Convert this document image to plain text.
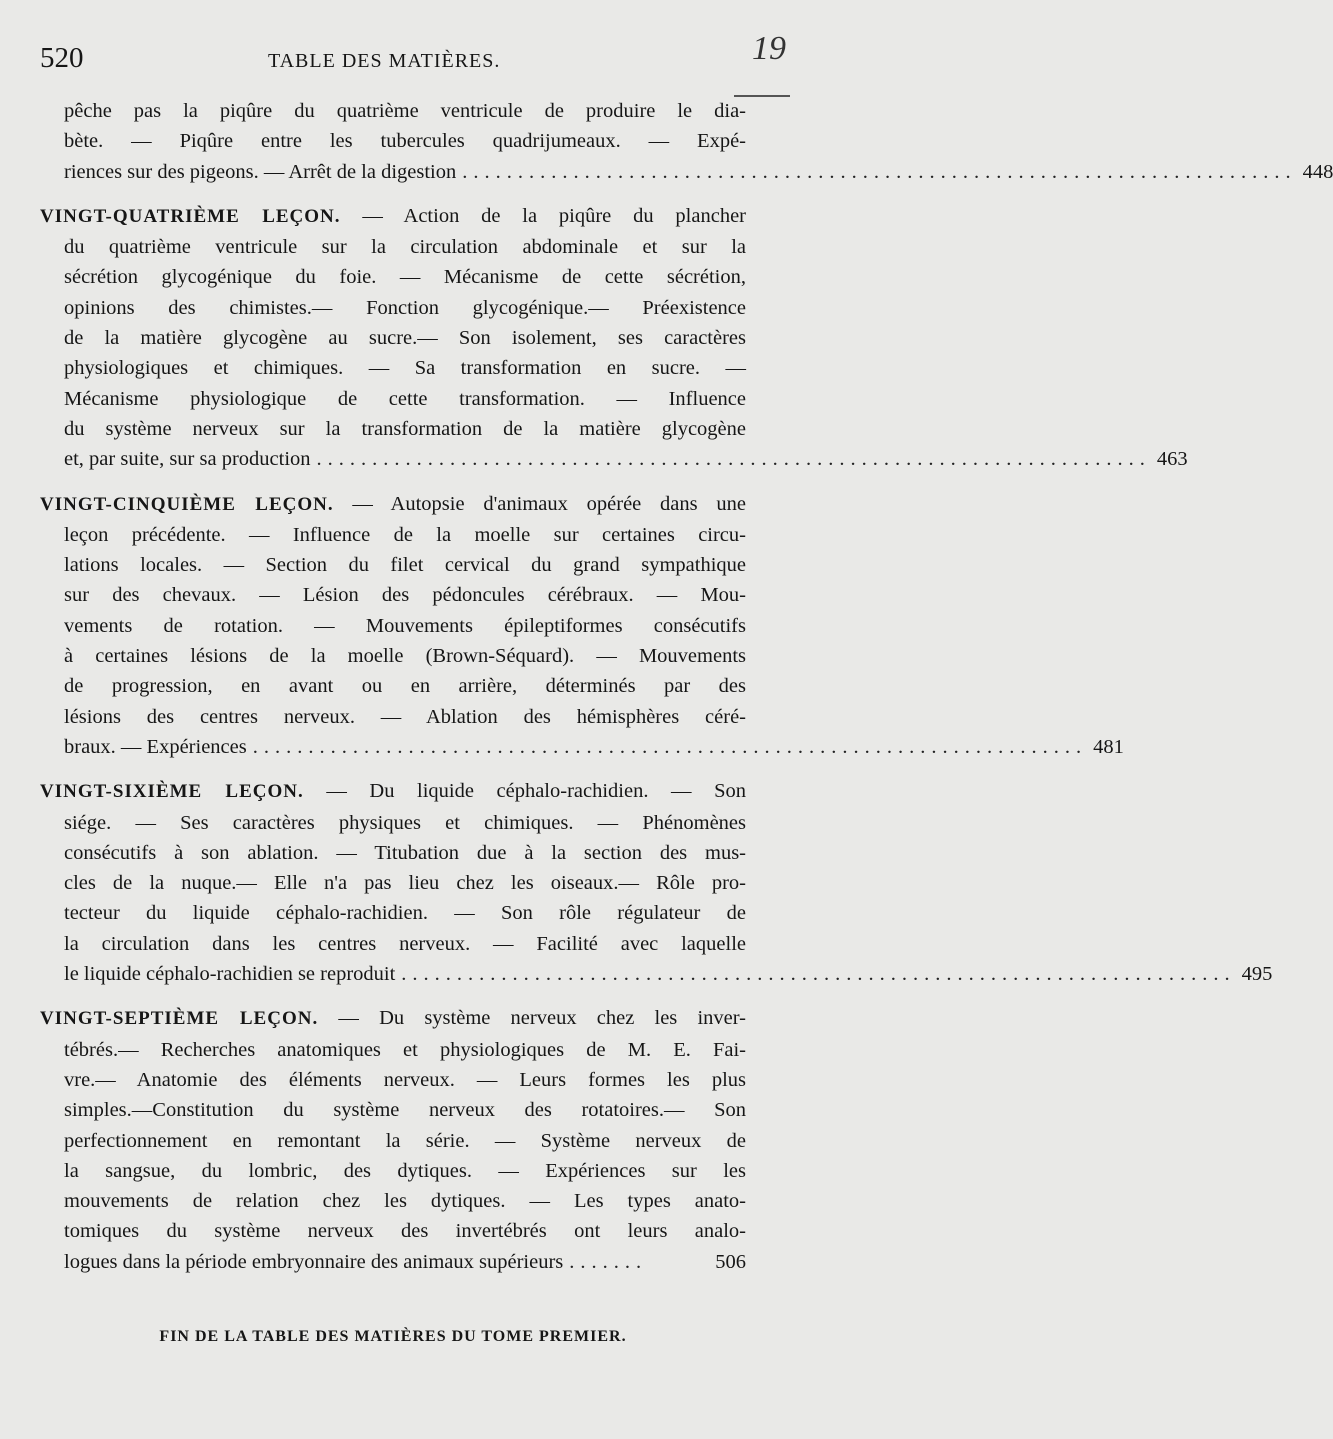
520	TABLE DES MATIÈRES.	19

pêche pas la piqûre du quatrième ventricule de produire le dia-

bète. — Piqûre entre les tubercules quadrijumeaux. — Expé-

riences sur des pigeons. — Arrêt de la digestion ........................................................................... 448

VINGT-QUATRIÈME LEÇON. — Action de la piqûre du plancher

du quatrième ventricule sur la circulation abdominale et sur la

sécrétion glycogénique du foie. — Mécanisme de cette sécrétion,

opinions des chimistes.— Fonction glycogénique.— Préexistence

de la matière glycogène au sucre.— Son isolement, ses caractères

physiologiques et chimiques. — Sa transformation en sucre. —

Mécanisme physiologique de cette transformation. — Influence

du système nerveux sur la transformation de la matière glycogène

et, par suite, sur sa production ........................................................................... 463

VINGT-CINQUIÈME LEÇON. — Autopsie d'animaux opérée dans une

leçon précédente. — Influence de la moelle sur certaines circu-

lations locales. — Section du filet cervical du grand sympathique

sur des chevaux. — Lésion des pédoncules cérébraux. — Mou-

vements de rotation. — Mouvements épileptiformes consécutifs

à certaines lésions de la moelle (Brown-Séquard). — Mouvements

de progression, en avant ou en arrière, déterminés par des

lésions des centres nerveux. — Ablation des hémisphères céré-

braux. — Expériences ........................................................................... 481

VINGT-SIXIÈME LEÇON. — Du liquide céphalo-rachidien. — Son

siége. — Ses caractères physiques et chimiques. — Phénomènes

consécutifs à son ablation. — Titubation due à la section des mus-

cles de la nuque.— Elle n'a pas lieu chez les oiseaux.— Rôle pro-

tecteur du liquide céphalo-rachidien. — Son rôle régulateur de

la circulation dans les centres nerveux. — Facilité avec laquelle

le liquide céphalo-rachidien se reproduit ........................................................................... 495

VINGT-SEPTIÈME LEÇON. — Du système nerveux chez les inver-

tébrés.— Recherches anatomiques et physiologiques de M. E. Fai-

vre.— Anatomie des éléments nerveux. — Leurs formes les plus

simples.—Constitution du système nerveux des rotatoires.— Son

perfectionnement en remontant la série. — Système nerveux de

la sangsue, du lombric, des dytiques. — Expériences sur les

mouvements de relation chez les dytiques. — Les types anato-

tomiques du système nerveux des invertébrés ont leurs analo-

logues dans la période embryonnaire des animaux supérieurs .......	506
FIN DE LA TABLE DES MATIÈRES DU TOME PREMIER.
